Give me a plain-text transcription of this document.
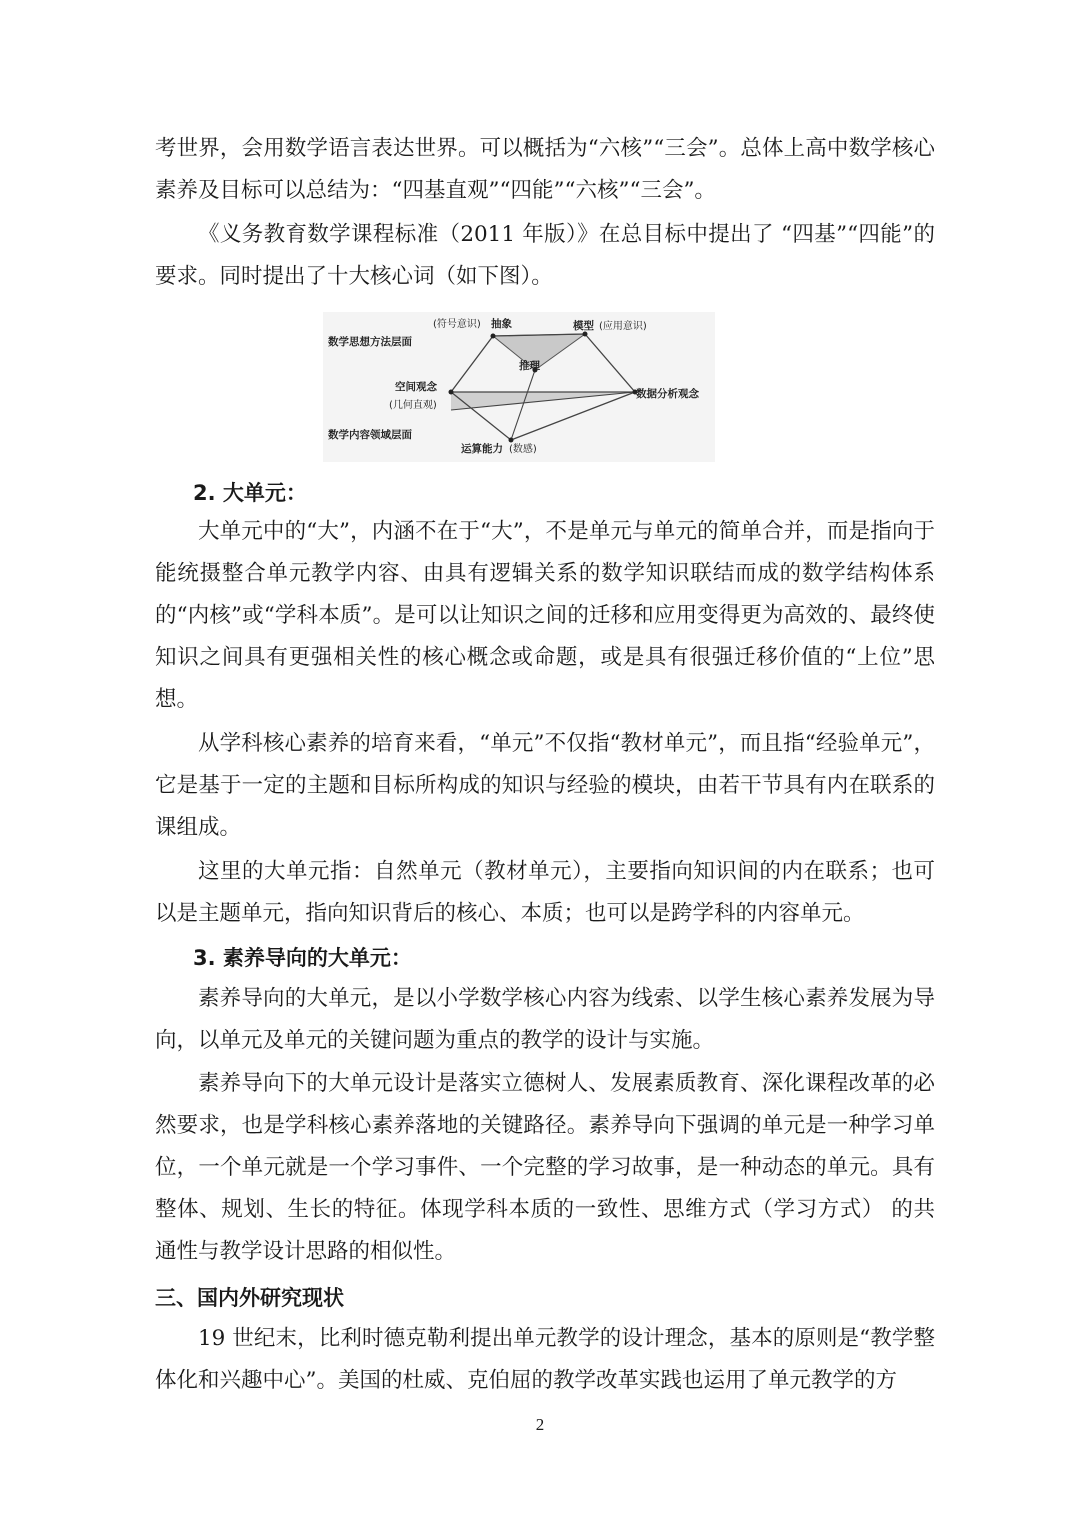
考世界，会用数学语言表达世界。可以概括为“六核”“三会”。总体上高中数学核心素养及目标可以总结为：“四基直观”“四能”“六核”“三会”。

《义务教育数学课程标准（2011 年版）》在总目标中提出了 “四基”“四能”的要求。同时提出了十大核心词（如下图）。

数学思想方法层面
(符号意识) 抽象	模型 (应用意识)
推理
空间观念
(几何直观)
数据分析观念
数学内容领域层面
运算能力 (数感)
2. 大单元：

大单元中的“大”，内涵不在于“大”，不是单元与单元的简单合并，而是指向于能统摄整合单元教学内容、由具有逻辑关系的数学知识联结而成的数学结构体系的“内核”或“学科本质”。是可以让知识之间的迁移和应用变得更为高效的、最终使知识之间具有更强相关性的核心概念或命题，或是具有很强迁移价值的“上位”思想。

从学科核心素养的培育来看，“单元”不仅指“教材单元”，而且指“经验单元”，它是基于一定的主题和目标所构成的知识与经验的模块，由若干节具有内在联系的课组成。

这里的大单元指：自然单元（教材单元），主要指向知识间的内在联系；也可以是主题单元，指向知识背后的核心、本质；也可以是跨学科的内容单元。

3. 素养导向的大单元：

素养导向的大单元，是以小学数学核心内容为线索、以学生核心素养发展为导向，以单元及单元的关键问题为重点的教学的设计与实施。

素养导向下的大单元设计是落实立德树人、发展素质教育、深化课程改革的必然要求，也是学科核心素养落地的关键路径。素养导向下强调的单元是一种学习单位，一个单元就是一个学习事件、一个完整的学习故事，是一种动态的单元。具有整体、规划、生长的特征。体现学科本质的一致性、思维方式（学习方式） 的共通性与教学设计思路的相似性。

三、国内外研究现状

19 世纪末，比利时德克勒利提出单元教学的设计理念，基本的原则是“教学整体化和兴趣中心”。美国的杜威、克伯屈的教学改革实践也运用了单元教学的方

2
